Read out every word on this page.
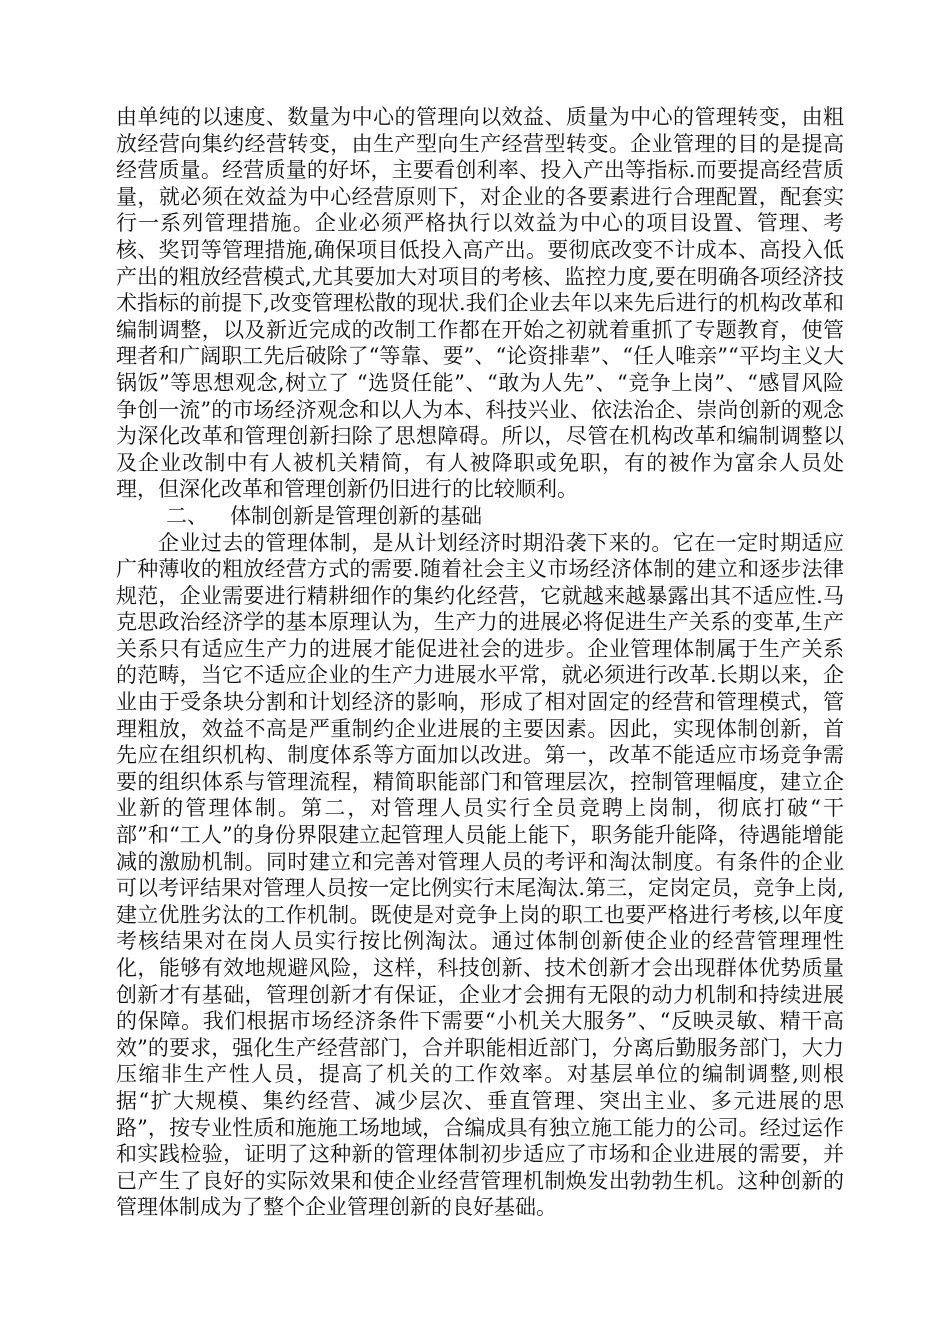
由单纯的以速度、数量为中心的管理向以效益、质量为中心的管理转变，由粗放经营向集约经营转变，由生产型向生产经营型转变。企业管理的目的是提高经营质量。经营质量的好坏，主要看创利率、投入产出等指标.而要提高经营质量，就必须在效益为中心经营原则下，对企业的各要素进行合理配置，配套实行一系列管理措施。企业必须严格执行以效益为中心的项目设置、管理、考核、奖罚等管理措施,确保项目低投入高产出。要彻底改变不计成本、高投入低产出的粗放经营模式,尤其要加大对项目的考核、监控力度,要在明确各项经济技术指标的前提下,改变管理松散的现状.我们企业去年以来先后进行的机构改革和编制调整，以及新近完成的改制工作都在开始之初就着重抓了专题教育，使管理者和广阔职工先后破除了“等靠、要”、“论资排辈”、“任人唯亲”“平均主义大锅饭”等思想观念,树立了 “选贤任能”、“敢为人先”、“竞争上岗”、“感冒风险争创一流”的市场经济观念和以人为本、科技兴业、依法治企、崇尚创新的观念为深化改革和管理创新扫除了思想障碍。所以，尽管在机构改革和编制调整以及企业改制中有人被机关精简，有人被降职或免职，有的被作为富余人员处理，但深化改革和管理创新仍旧进行的比较顺利。

二、 体制创新是管理创新的基础

企业过去的管理体制，是从计划经济时期沿袭下来的。它在一定时期适应广种薄收的粗放经营方式的需要.随着社会主义市场经济体制的建立和逐步法律规范，企业需要进行精耕细作的集约化经营，它就越来越暴露出其不适应性.马克思政治经济学的基本原理认为，生产力的进展必将促进生产关系的变革,生产关系只有适应生产力的进展才能促进社会的进步。企业管理体制属于生产关系的范畴，当它不适应企业的生产力进展水平常，就必须进行改革.长期以来，企业由于受条块分割和计划经济的影响，形成了相对固定的经营和管理模式，管理粗放，效益不高是严重制约企业进展的主要因素。因此，实现体制创新，首先应在组织机构、制度体系等方面加以改进。第一，改革不能适应市场竞争需要的组织体系与管理流程，精简职能部门和管理层次，控制管理幅度，建立企业新的管理体制。第二，对管理人员实行全员竞聘上岗制，彻底打破“干部”和“工人”的身份界限建立起管理人员能上能下，职务能升能降，待遇能增能减的激励机制。同时建立和完善对管理人员的考评和淘汰制度。有条件的企业可以考评结果对管理人员按一定比例实行末尾淘汰.第三，定岗定员，竞争上岗,建立优胜劣汰的工作机制。既使是对竞争上岗的职工也要严格进行考核,以年度考核结果对在岗人员实行按比例淘汰。通过体制创新使企业的经营管理理性化，能够有效地规避风险，这样，科技创新、技术创新才会出现群体优势质量创新才有基础，管理创新才有保证，企业才会拥有无限的动力机制和持续进展的保障。我们根据市场经济条件下需要“小机关大服务”、“反映灵敏、精干高效”的要求，强化生产经营部门，合并职能相近部门，分离后勤服务部门，大力压缩非生产性人员，提高了机关的工作效率。对基层单位的编制调整,则根据“扩大规模、集约经营、减少层次、垂直管理、突出主业、多元进展的思路”，按专业性质和施施工场地域，合编成具有独立施工能力的公司。经过运作和实践检验，证明了这种新的管理体制初步适应了市场和企业进展的需要，并已产生了良好的实际效果和使企业经营管理机制焕发出勃勃生机。这种创新的管理体制成为了整个企业管理创新的良好基础。
